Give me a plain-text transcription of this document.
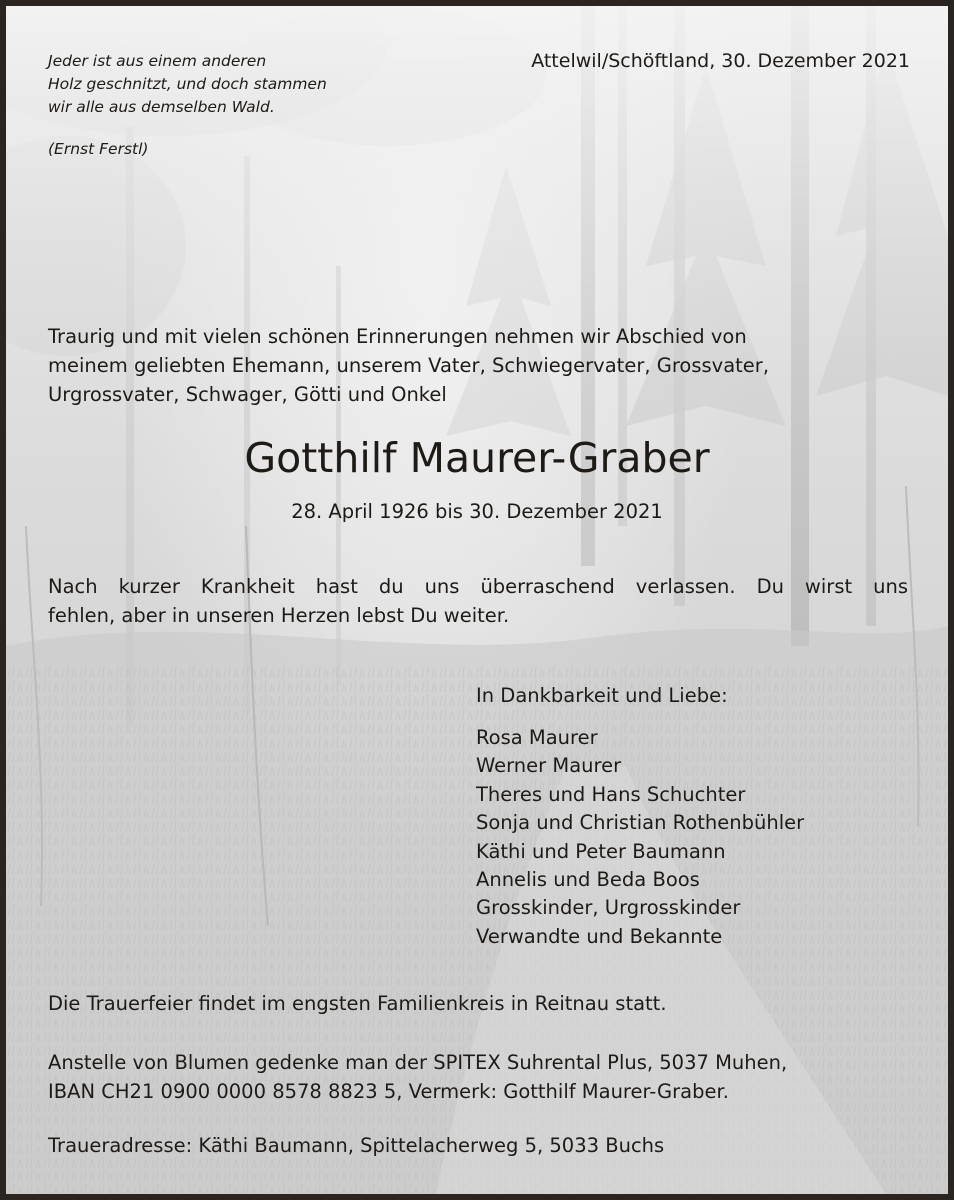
Jeder ist aus einem anderen
Holz geschnitzt, und doch stammen
wir alle aus demselben Wald.
(Ernst Ferstl)
Attelwil/Schöftland, 30. Dezember 2021
Traurig und mit vielen schönen Erinnerungen nehmen wir Abschied von
meinem geliebten Ehemann, unserem Vater, Schwiegervater, Grossvater,
Urgrossvater, Schwager, Götti und Onkel
Gotthilf Maurer-Graber
28. April 1926 bis 30. Dezember 2021
Nach kurzer Krankheit hast du uns überraschend verlassen. Du wirst uns
fehlen, aber in unseren Herzen lebst Du weiter.
In Dankbarkeit und Liebe:
Rosa Maurer
Werner Maurer
Theres und Hans Schuchter
Sonja und Christian Rothenbühler
Käthi und Peter Baumann
Annelis und Beda Boos
Grosskinder, Urgrosskinder
Verwandte und Bekannte
Die Trauerfeier findet im engsten Familienkreis in Reitnau statt.
Anstelle von Blumen gedenke man der SPITEX Suhrental Plus, 5037 Muhen,
IBAN CH21 0900 0000 8578 8823 5, Vermerk: Gotthilf Maurer-Graber.
Traueradresse: Käthi Baumann, Spittelacherweg 5, 5033 Buchs
